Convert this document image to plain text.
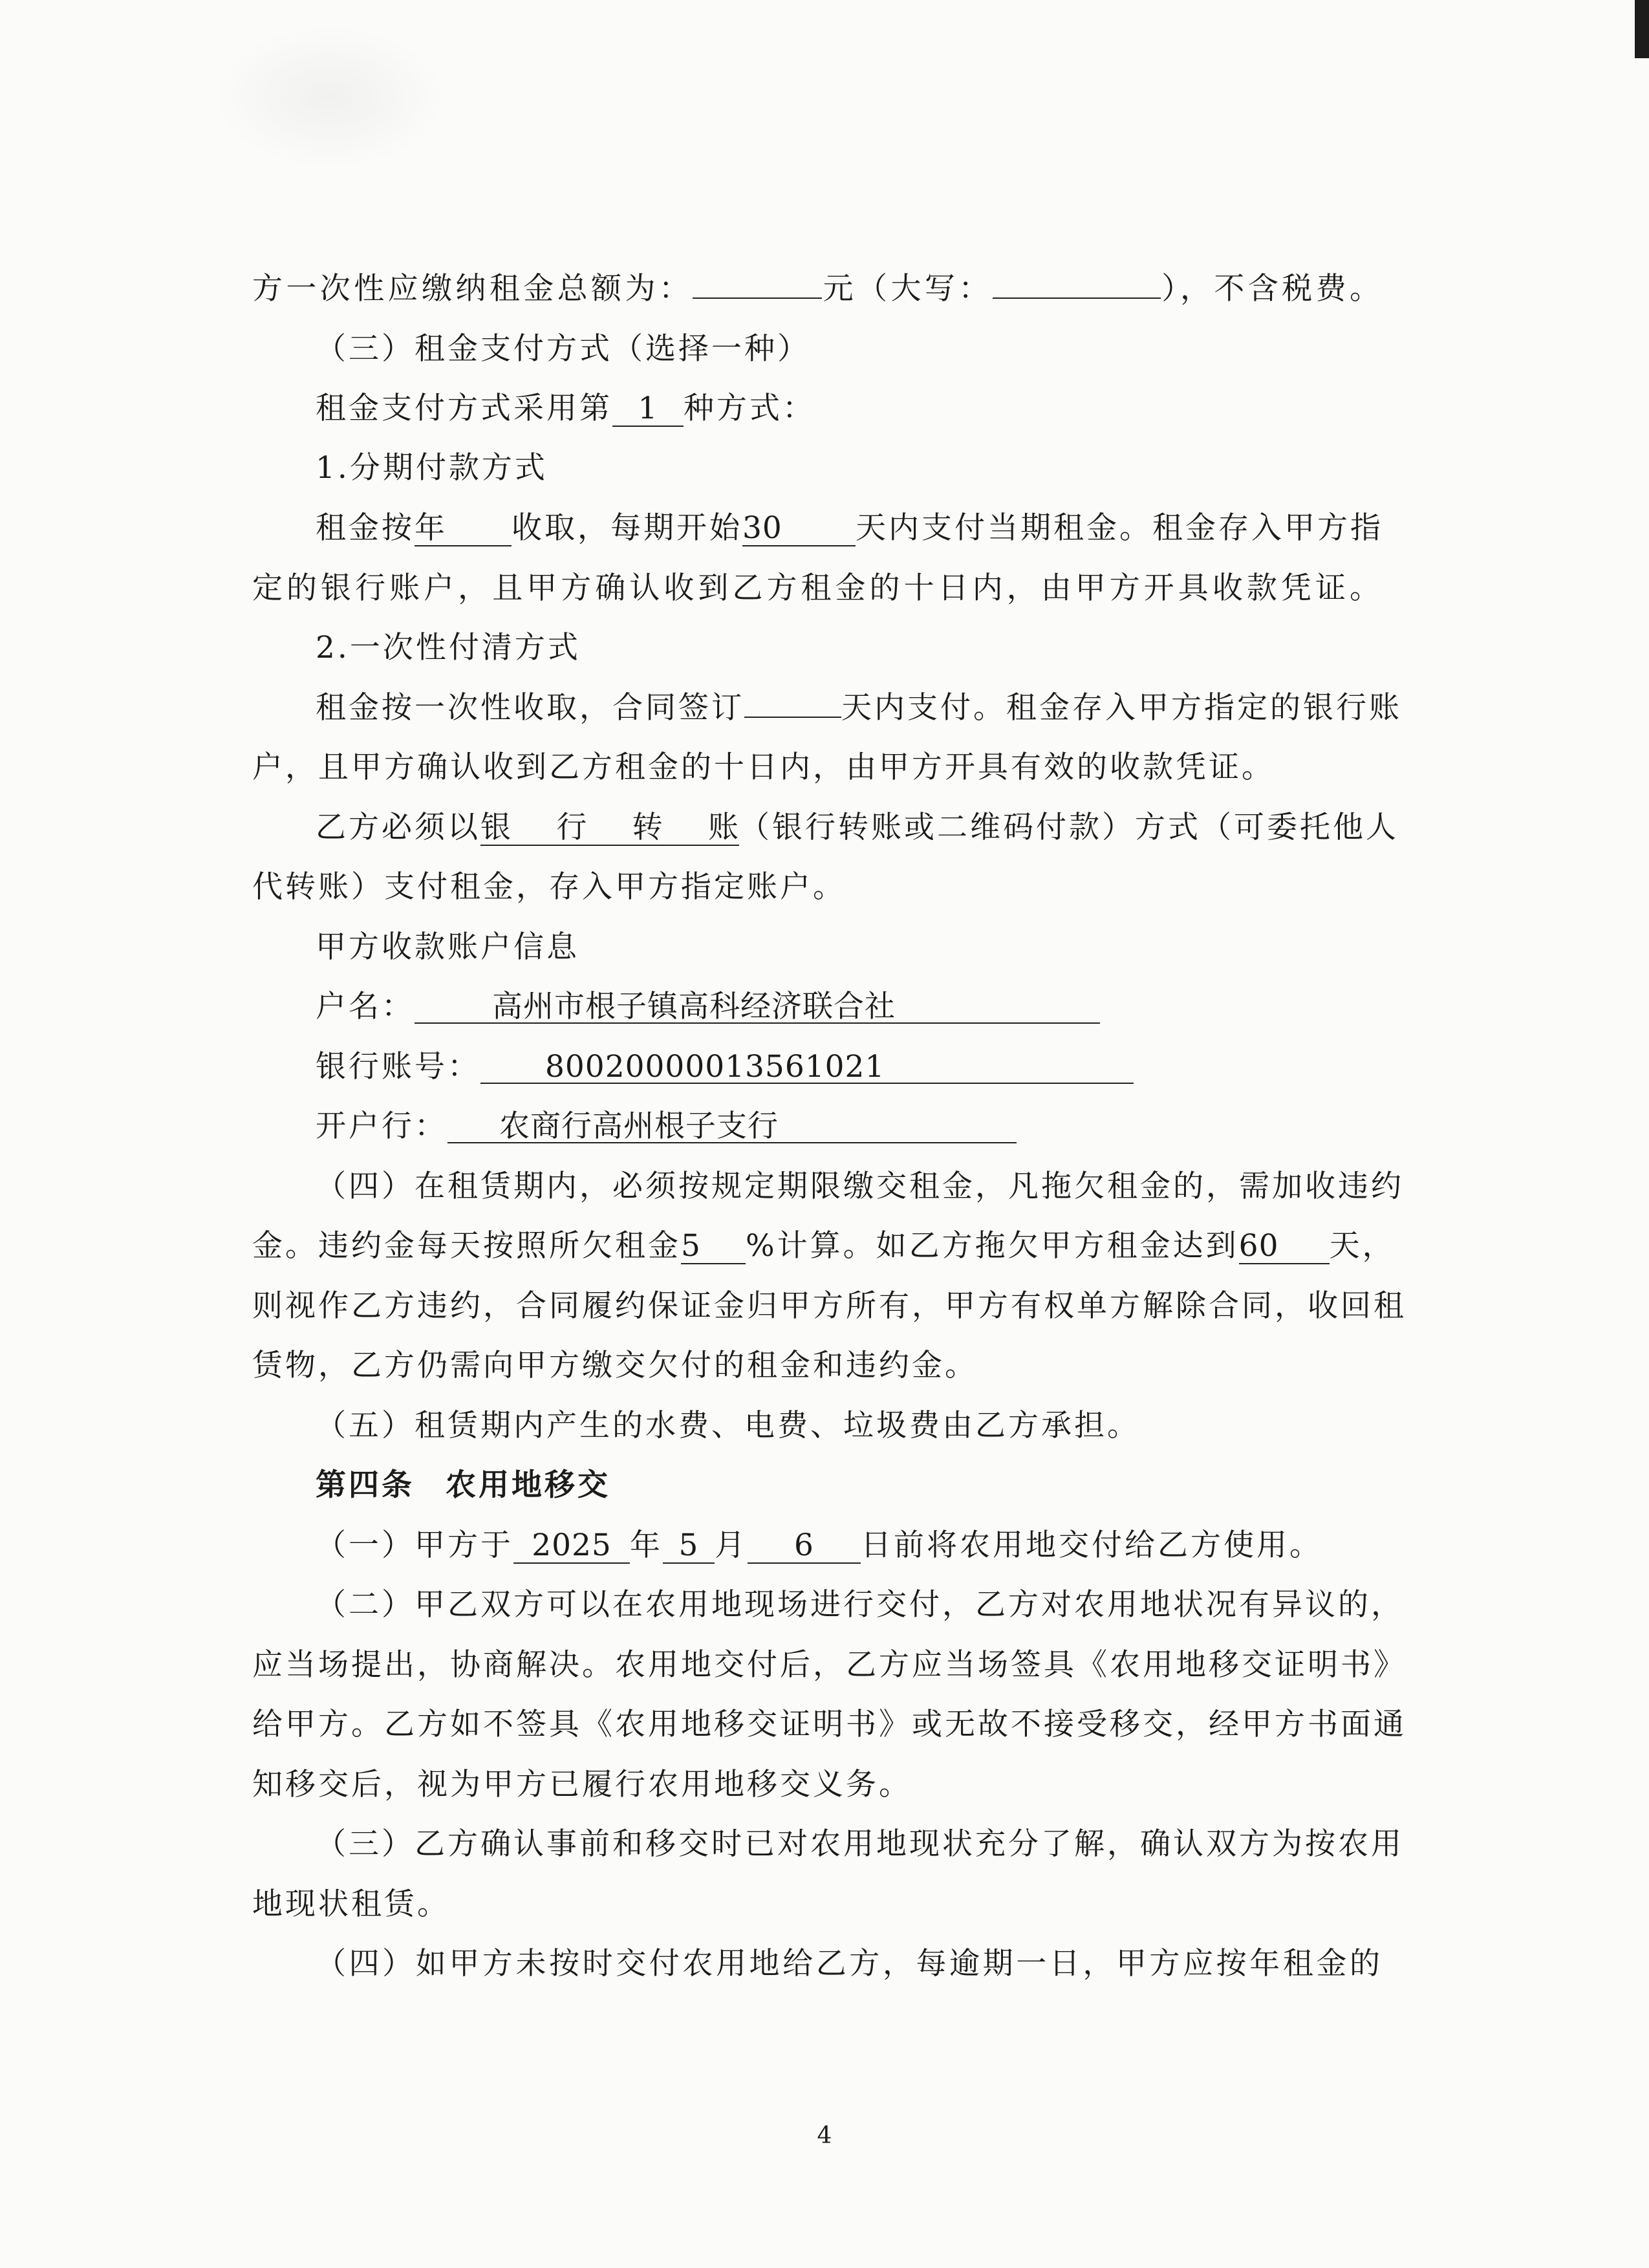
方一次性应缴纳租金总额为：	元（大写：	），不含税费。
（三）租金支付方式（选择一种）
租金支付方式采用第 1 种方式：
1.分期付款方式
租金按年 收取，每期开始30 天内支付当期租金。租金存入甲方指
定的银行账户，且甲方确认收到乙方租金的十日内，由甲方开具收款凭证。
2.一次性付清方式
租金按一次性收取，合同签订	天内支付。租金存入甲方指定的银行账
户，且甲方确认收到乙方租金的十日内，由甲方开具有效的收款凭证。
乙方必须以银行转账（银行转账或二维码付款）方式（可委托他人
代转账）支付租金，存入甲方指定账户。
甲方收款账户信息
户名：	高州市根子镇高科经济联合社
银行账号： 80020000013561021
开户行： 农商行高州根子支行
（四）在租赁期内，必须按规定期限缴交租金，凡拖欠租金的，需加收违约
金。违约金每天按照所欠租金5 %计算。如乙方拖欠甲方租金达到60 天，
则视作乙方违约，合同履约保证金归甲方所有，甲方有权单方解除合同，收回租
赁物，乙方仍需向甲方缴交欠付的租金和违约金。
（五）租赁期内产生的水费、电费、垃圾费由乙方承担。
第四条 农用地移交
（一）甲方于 2025 年 5 月 6 日前将农用地交付给乙方使用。
（二）甲乙双方可以在农用地现场进行交付，乙方对农用地状况有异议的，
应当场提出，协商解决。农用地交付后，乙方应当场签具《农用地移交证明书》
给甲方。乙方如不签具《农用地移交证明书》或无故不接受移交，经甲方书面通
知移交后，视为甲方已履行农用地移交义务。
（三）乙方确认事前和移交时已对农用地现状充分了解，确认双方为按农用
地现状租赁。
（四）如甲方未按时交付农用地给乙方，每逾期一日，甲方应按年租金的
4
